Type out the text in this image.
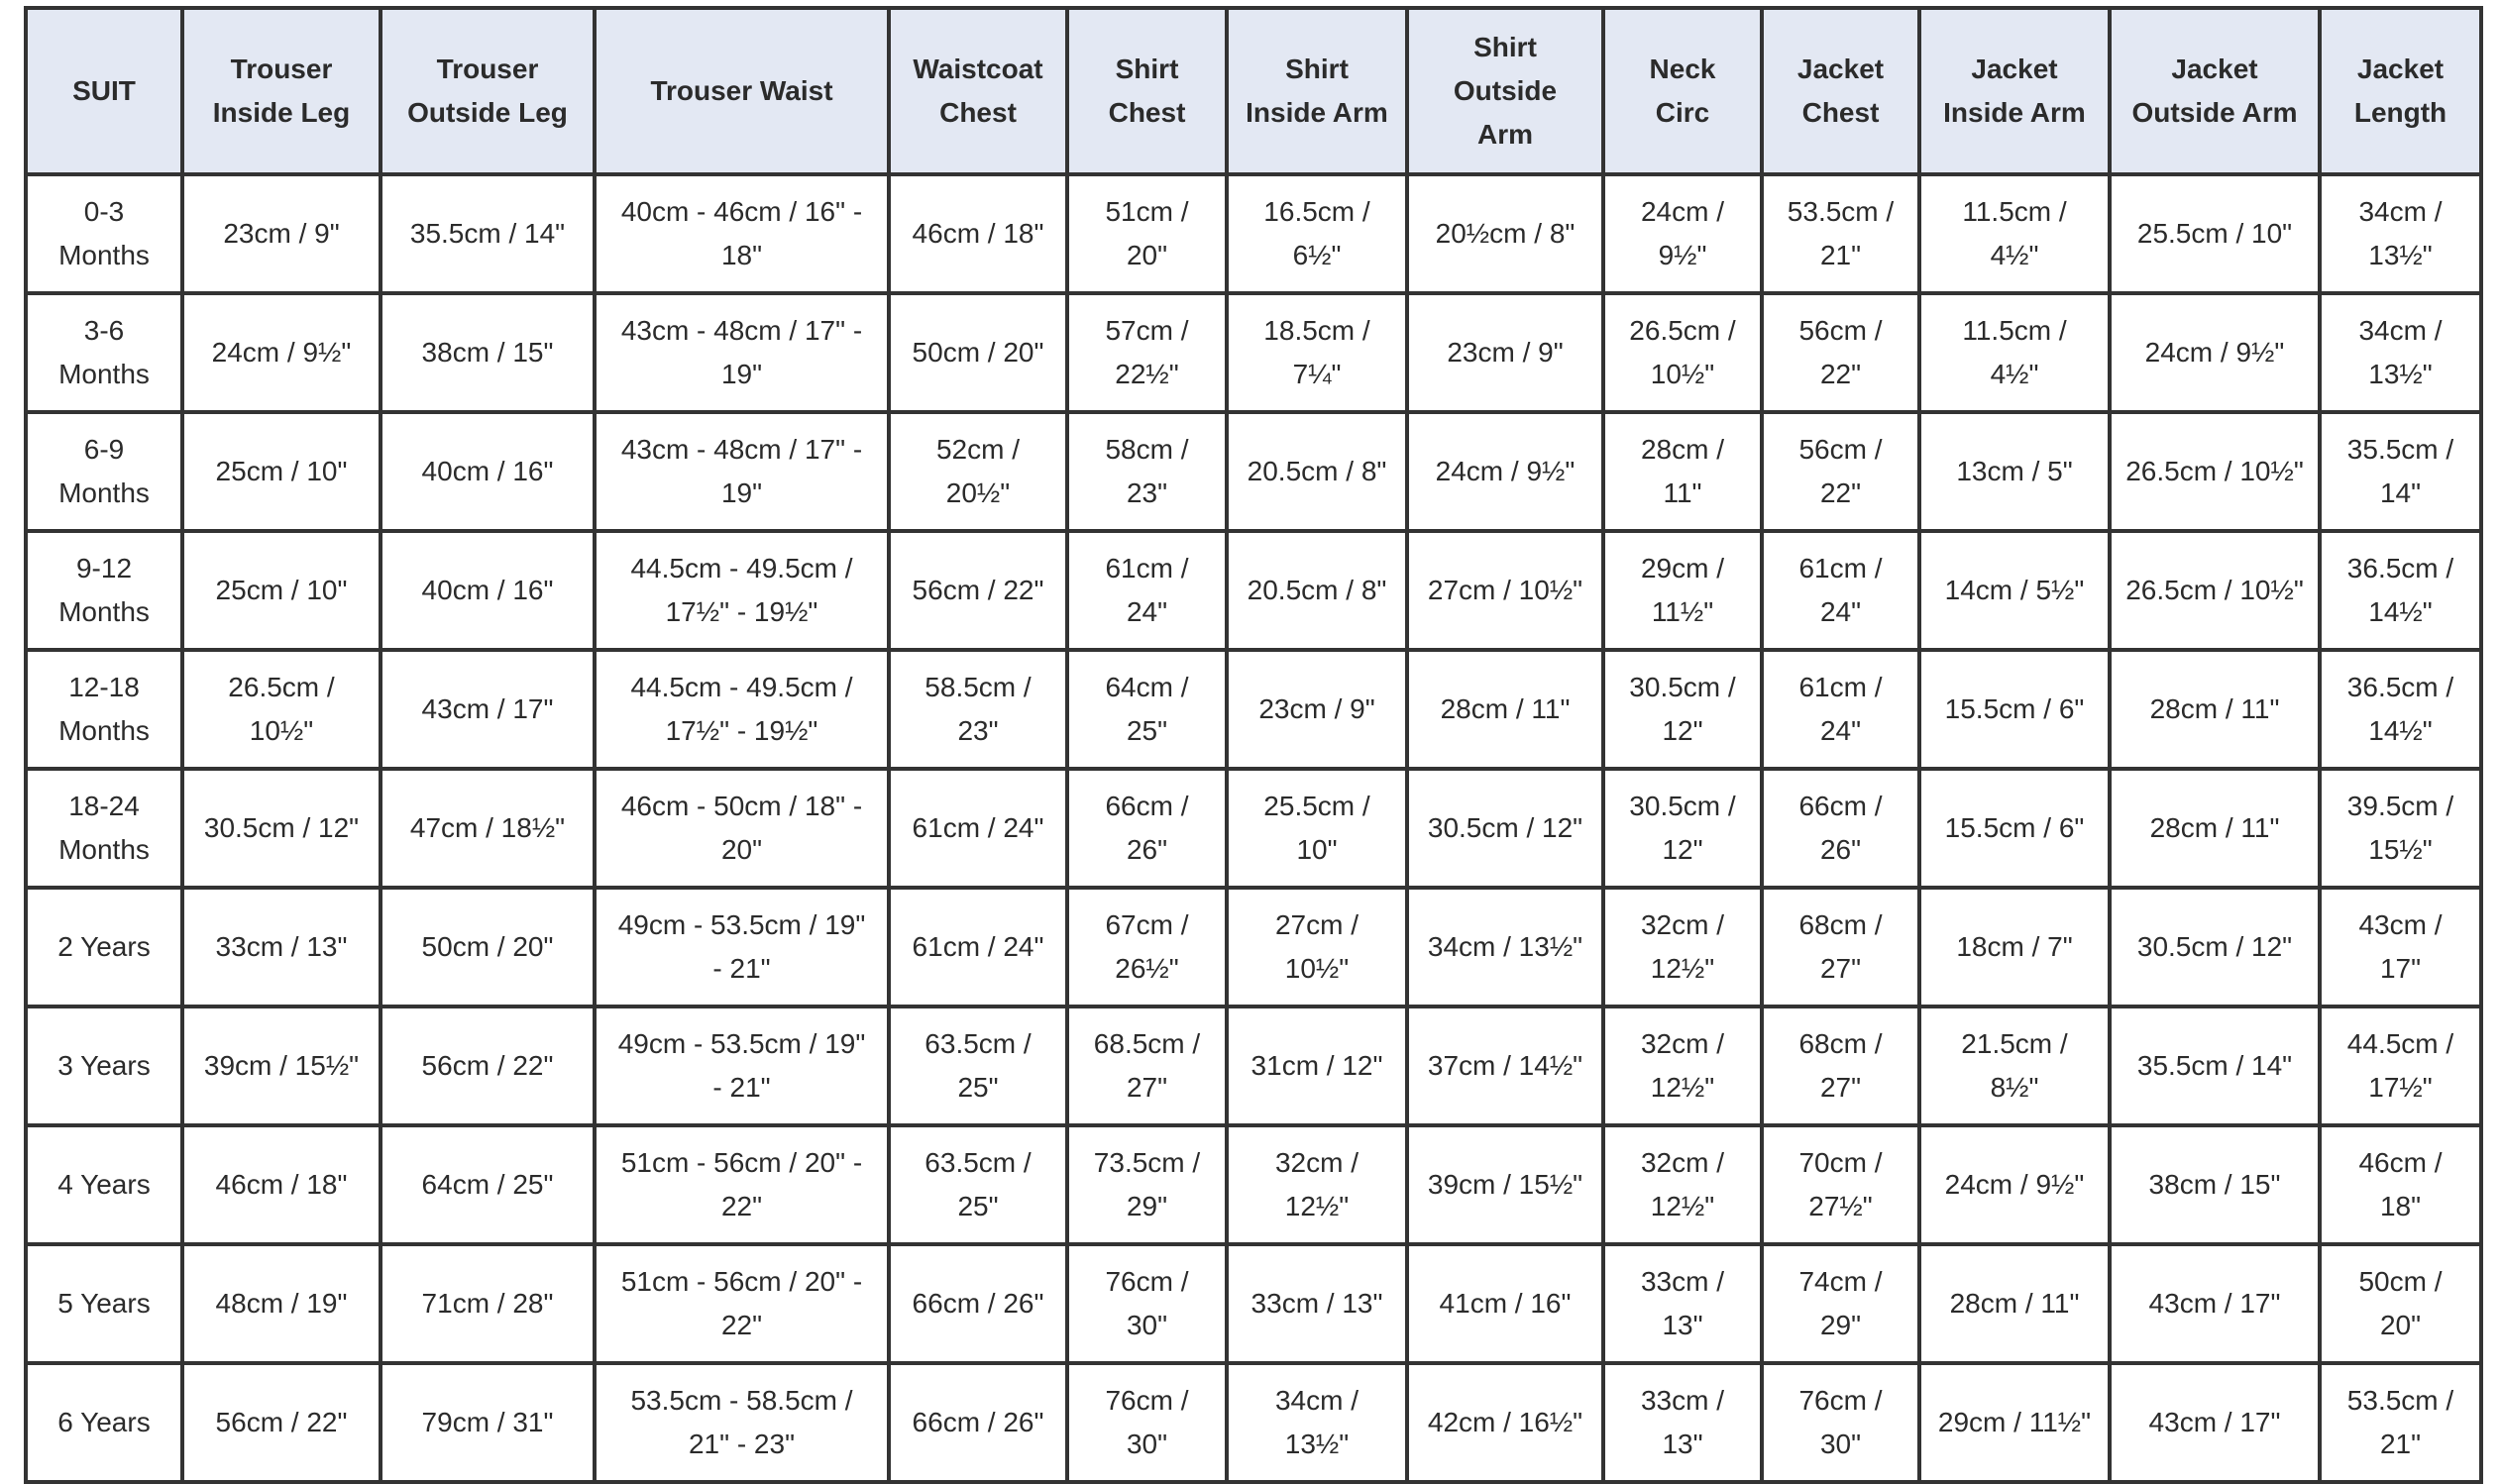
SUIT	Trouser Inside Leg	Trouser Outside Leg	Trouser Waist	Waistcoat Chest	Shirt Chest	Shirt Inside Arm	Shirt Outside Arm	Neck Circ	Jacket Chest	Jacket Inside Arm	Jacket Outside Arm	Jacket Length
0-3 Months	23cm / 9"	35.5cm / 14"	40cm - 46cm / 16" - 18"	46cm / 18"	51cm / 20"	16.5cm / 6½"	20½cm / 8"	24cm / 9½"	53.5cm / 21"	11.5cm / 4½"	25.5cm / 10"	34cm / 13½"
3-6 Months	24cm / 9½"	38cm / 15"	43cm - 48cm / 17" - 19"	50cm / 20"	57cm / 22½"	18.5cm / 7¼"	23cm / 9"	26.5cm / 10½"	56cm / 22"	11.5cm / 4½"	24cm / 9½"	34cm / 13½"
6-9 Months	25cm / 10"	40cm / 16"	43cm - 48cm / 17" - 19"	52cm / 20½"	58cm / 23"	20.5cm / 8"	24cm / 9½"	28cm / 11"	56cm / 22"	13cm / 5"	26.5cm / 10½"	35.5cm / 14"
9-12 Months	25cm / 10"	40cm / 16"	44.5cm - 49.5cm / 17½" - 19½"	56cm / 22"	61cm / 24"	20.5cm / 8"	27cm / 10½"	29cm / 11½"	61cm / 24"	14cm / 5½"	26.5cm / 10½"	36.5cm / 14½"
12-18 Months	26.5cm / 10½"	43cm / 17"	44.5cm - 49.5cm / 17½" - 19½"	58.5cm / 23"	64cm / 25"	23cm / 9"	28cm / 11"	30.5cm / 12"	61cm / 24"	15.5cm / 6"	28cm / 11"	36.5cm / 14½"
18-24 Months	30.5cm / 12"	47cm / 18½"	46cm - 50cm / 18" - 20"	61cm / 24"	66cm / 26"	25.5cm / 10"	30.5cm / 12"	30.5cm / 12"	66cm / 26"	15.5cm / 6"	28cm / 11"	39.5cm / 15½"
2 Years	33cm / 13"	50cm / 20"	49cm - 53.5cm / 19" - 21"	61cm / 24"	67cm / 26½"	27cm / 10½"	34cm / 13½"	32cm / 12½"	68cm / 27"	18cm / 7"	30.5cm / 12"	43cm / 17"
3 Years	39cm / 15½"	56cm / 22"	49cm - 53.5cm / 19" - 21"	63.5cm / 25"	68.5cm / 27"	31cm / 12"	37cm / 14½"	32cm / 12½"	68cm / 27"	21.5cm / 8½"	35.5cm / 14"	44.5cm / 17½"
4 Years	46cm / 18"	64cm / 25"	51cm - 56cm / 20" - 22"	63.5cm / 25"	73.5cm / 29"	32cm / 12½"	39cm / 15½"	32cm / 12½"	70cm / 27½"	24cm / 9½"	38cm / 15"	46cm / 18"
5 Years	48cm / 19"	71cm / 28"	51cm - 56cm / 20" - 22"	66cm / 26"	76cm / 30"	33cm / 13"	41cm / 16"	33cm / 13"	74cm / 29"	28cm / 11"	43cm / 17"	50cm / 20"
6 Years	56cm / 22"	79cm / 31"	53.5cm - 58.5cm / 21" - 23"	66cm / 26"	76cm / 30"	34cm / 13½"	42cm / 16½"	33cm / 13"	76cm / 30"	29cm / 11½"	43cm / 17"	53.5cm / 21"
